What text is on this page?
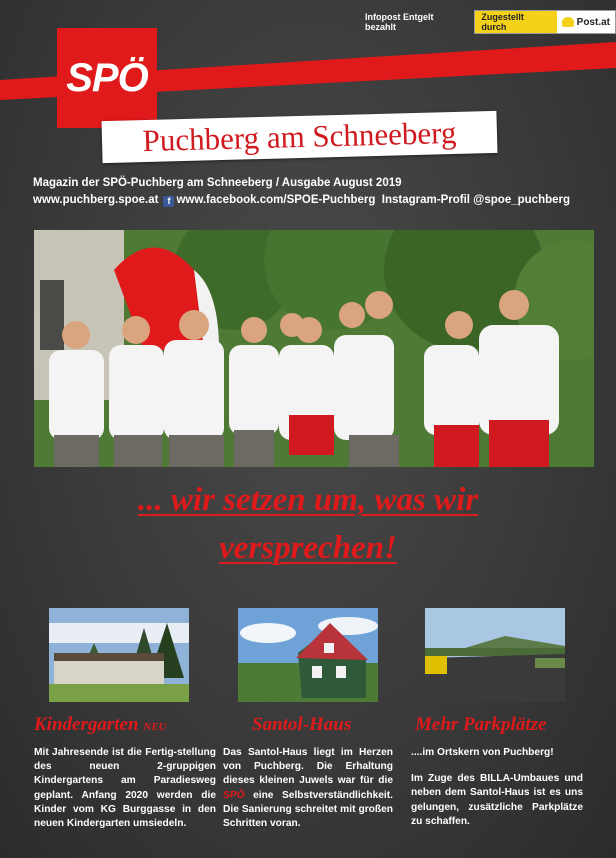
Infopost Entgelt bezahlt
Zugestellt durch	Post.at
SPÖ
Puchberg am Schneeberg
Magazin der SPÖ-Puchberg am Schneeberg / Ausgabe August 2019
www.puchberg.spoe.at f www.facebook.com/SPOE-Puchberg Instagram-Profil @spoe_puchberg
... wir setzen um, was wir
versprechen!
Kindergarten NEU	Santol-Haus	Mehr Parkplätze
Mit Jahresende ist die Fertig-stellung des neuen 2-gruppigen Kindergartens am Paradiesweg geplant. Anfang 2020 werden die Kinder vom KG Burggasse in den neuen Kindergarten umsiedeln.
Das Santol-Haus liegt im Herzen von Puchberg. Die Erhaltung dieses kleinen Juwels war für die SPÖ eine Selbstverständlichkeit. Die Sanierung schreitet mit großen Schritten voran.

....im Ortskern von Puchberg!

Im Zuge des BILLA-Umbaues und neben dem Santol-Haus ist es uns gelungen, zusätzliche Parkplätze zu schaffen.
